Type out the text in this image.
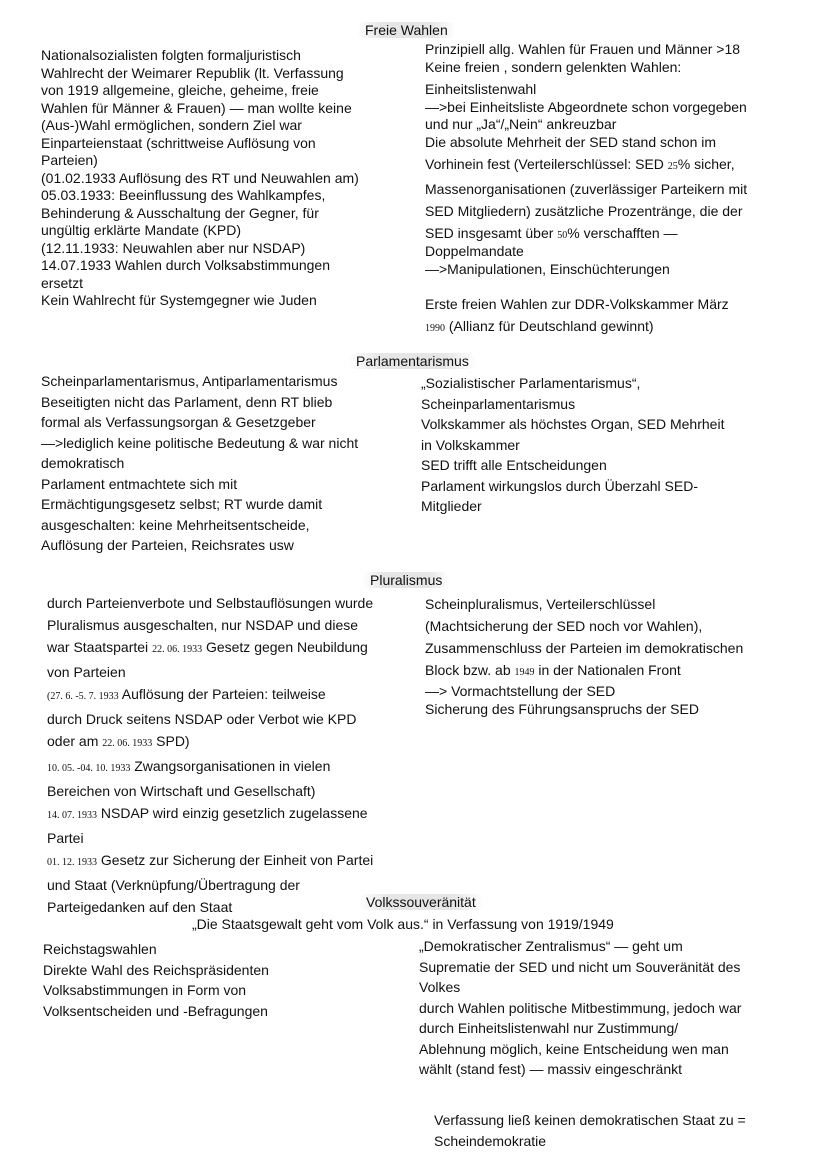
Freie Wahlen
Nationalsozialisten folgten formaljuristisch
Wahlrecht der Weimarer Republik (lt. Verfassung
von 1919 allgemeine, gleiche, geheime, freie
Wahlen für Männer & Frauen) — man wollte keine
(Aus-)Wahl ermöglichen, sondern Ziel war
Einparteienstaat (schrittweise Auflösung von
Parteien)
(01.02.1933 Auflösung des RT und Neuwahlen am)
05.03.1933: Beeinflussung des Wahlkampfes,
Behinderung & Ausschaltung der Gegner, für
ungültig erklärte Mandate (KPD)
(12.11.1933: Neuwahlen aber nur NSDAP)
14.07.1933 Wahlen durch Volksabstimmungen
ersetzt
Kein Wahlrecht für Systemgegner wie Juden
Prinzipiell allg. Wahlen für Frauen und Männer >18
Keine freien , sondern gelenkten Wahlen:
Einheitslistenwahl
—>bei Einheitsliste Abgeordnete schon vorgegeben
und nur „Ja“/„Nein“ ankreuzbar
Die absolute Mehrheit der SED stand schon im
Vorhinein fest (Verteilerschlüssel: SED 25% sicher,
Massenorganisationen (zuverlässiger Parteikern mit
SED Mitgliedern) zusätzliche Prozentränge, die der
SED insgesamt über 50% verschafften —
Doppelmandate
—>Manipulationen, Einschüchterungen
Erste freien Wahlen zur DDR-Volkskammer März
1990 (Allianz für Deutschland gewinnt)
Parlamentarismus
Scheinparlamentarismus, Antiparlamentarismus
Beseitigten nicht das Parlament, denn RT blieb
formal als Verfassungsorgan & Gesetzgeber
—>lediglich keine politische Bedeutung & war nicht
demokratisch
Parlament entmachtete sich mit
Ermächtigungsgesetz selbst; RT wurde damit
ausgeschalten: keine Mehrheitsentscheide,
Auflösung der Parteien, Reichsrates usw
„Sozialistischer Parlamentarismus“,
Scheinparlamentarismus
Volkskammer als höchstes Organ, SED Mehrheit
in Volkskammer
SED trifft alle Entscheidungen
Parlament wirkungslos durch Überzahl SED-
Mitglieder
Pluralismus
durch Parteienverbote und Selbstauflösungen wurde
Pluralismus ausgeschalten, nur NSDAP und diese
war Staatspartei 22. 06. 1933 Gesetz gegen Neubildung
von Parteien
(27. 6. -5. 7. 1933 Auflösung der Parteien: teilweise
durch Druck seitens NSDAP oder Verbot wie KPD
oder am 22. 06. 1933 SPD)
10. 05. -04. 10. 1933 Zwangsorganisationen in vielen
Bereichen von Wirtschaft und Gesellschaft)
14. 07. 1933 NSDAP wird einzig gesetzlich zugelassene
Partei
01. 12. 1933 Gesetz zur Sicherung der Einheit von Partei
und Staat (Verknüpfung/Übertragung der
Parteigedanken auf den Staat
Scheinpluralismus, Verteilerschlüssel
(Machtsicherung der SED noch vor Wahlen),
Zusammenschluss der Parteien im demokratischen
Block bzw. ab 1949 in der Nationalen Front
—> Vormachtstellung der SED
Sicherung des Führungsanspruchs der SED
Volkssouveränität
„Die Staatsgewalt geht vom Volk aus.“ in Verfassung von 1919/1949
Reichstagswahlen
Direkte Wahl des Reichspräsidenten
Volksabstimmungen in Form von
Volksentscheiden und -Befragungen
„Demokratischer Zentralismus“ — geht um
Suprematie der SED und nicht um Souveränität des
Volkes
durch Wahlen politische Mitbestimmung, jedoch war
durch Einheitslistenwahl nur Zustimmung/
Ablehnung möglich, keine Entscheidung wen man
wählt (stand fest) — massiv eingeschränkt
Verfassung ließ keinen demokratischen Staat zu =
Scheindemokratie
